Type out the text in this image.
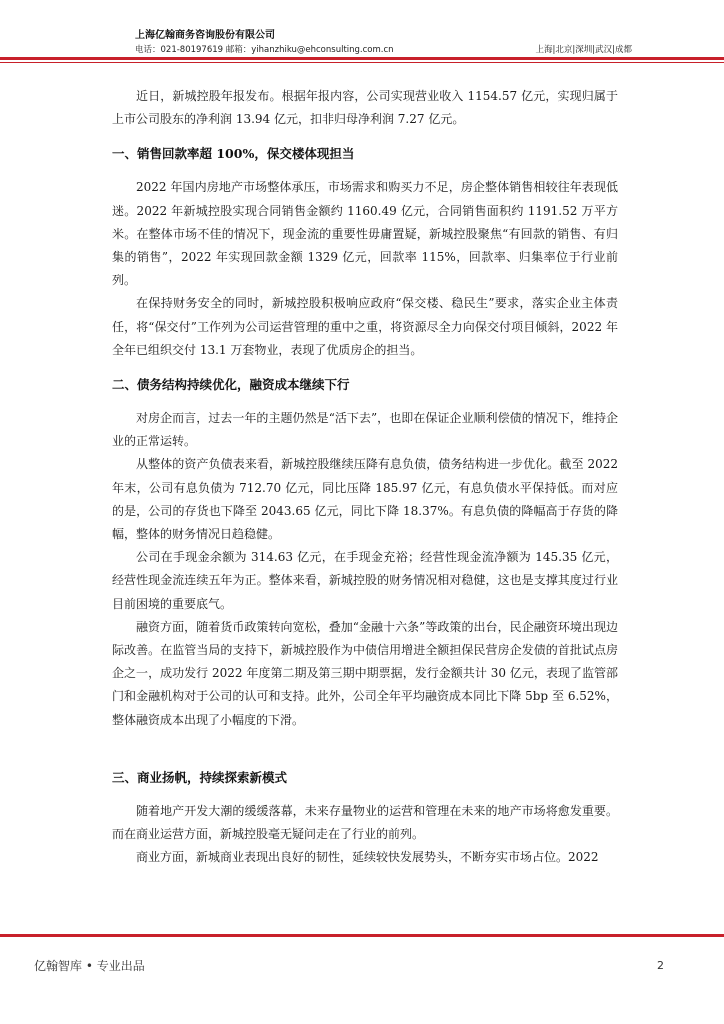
上海亿翰商务咨询股份有限公司
电话：021-80197619 邮箱：yihanzhiku@ehconsulting.com.cn	上海|北京|深圳|武汉|成都

近日，新城控股年报发布。根据年报内容，公司实现营业收入 1154.57 亿元，实现归属于上市公司股东的净利润 13.94 亿元，扣非归母净利润 7.27 亿元。

一、销售回款率超 100%，保交楼体现担当

2022 年国内房地产市场整体承压，市场需求和购买力不足，房企整体销售相较往年表现低迷。2022 年新城控股实现合同销售金额约 1160.49 亿元，合同销售面积约 1191.52 万平方米。在整体市场不佳的情况下，现金流的重要性毋庸置疑，新城控股聚焦“有回款的销售、有归集的销售”，2022 年实现回款金额 1329 亿元，回款率 115%，回款率、归集率位于行业前列。

在保持财务安全的同时，新城控股积极响应政府“保交楼、稳民生”要求，落实企业主体责任，将“保交付”工作列为公司运营管理的重中之重，将资源尽全力向保交付项目倾斜，2022 年全年已组织交付 13.1 万套物业，表现了优质房企的担当。

二、债务结构持续优化，融资成本继续下行

对房企而言，过去一年的主题仍然是“活下去”，也即在保证企业顺利偿债的情况下，维持企业的正常运转。

从整体的资产负债表来看，新城控股继续压降有息负债，债务结构进一步优化。截至 2022 年末，公司有息负债为 712.70 亿元，同比压降 185.97 亿元，有息负债水平保持低。而对应的是，公司的存货也下降至 2043.65 亿元，同比下降 18.37%。有息负债的降幅高于存货的降幅，整体的财务情况日趋稳健。

公司在手现金余额为 314.63 亿元，在手现金充裕；经营性现金流净额为 145.35 亿元，经营性现金流连续五年为正。整体来看，新城控股的财务情况相对稳健，这也是支撑其度过行业目前困境的重要底气。

融资方面，随着货币政策转向宽松，叠加“金融十六条”等政策的出台，民企融资环境出现边际改善。在监管当局的支持下，新城控股作为中债信用增进全额担保民营房企发债的首批试点房企之一，成功发行 2022 年度第二期及第三期中期票据，发行金额共计 30 亿元，表现了监管部门和金融机构对于公司的认可和支持。此外，公司全年平均融资成本同比下降 5bp 至 6.52%，整体融资成本出现了小幅度的下滑。

三、商业扬帆，持续探索新模式

随着地产开发大潮的缓缓落幕，未来存量物业的运营和管理在未来的地产市场将愈发重要。而在商业运营方面，新城控股毫无疑问走在了行业的前列。

商业方面，新城商业表现出良好的韧性，延续较快发展势头，不断夯实市场占位。2022

亿翰智库 • 专业出品	2
